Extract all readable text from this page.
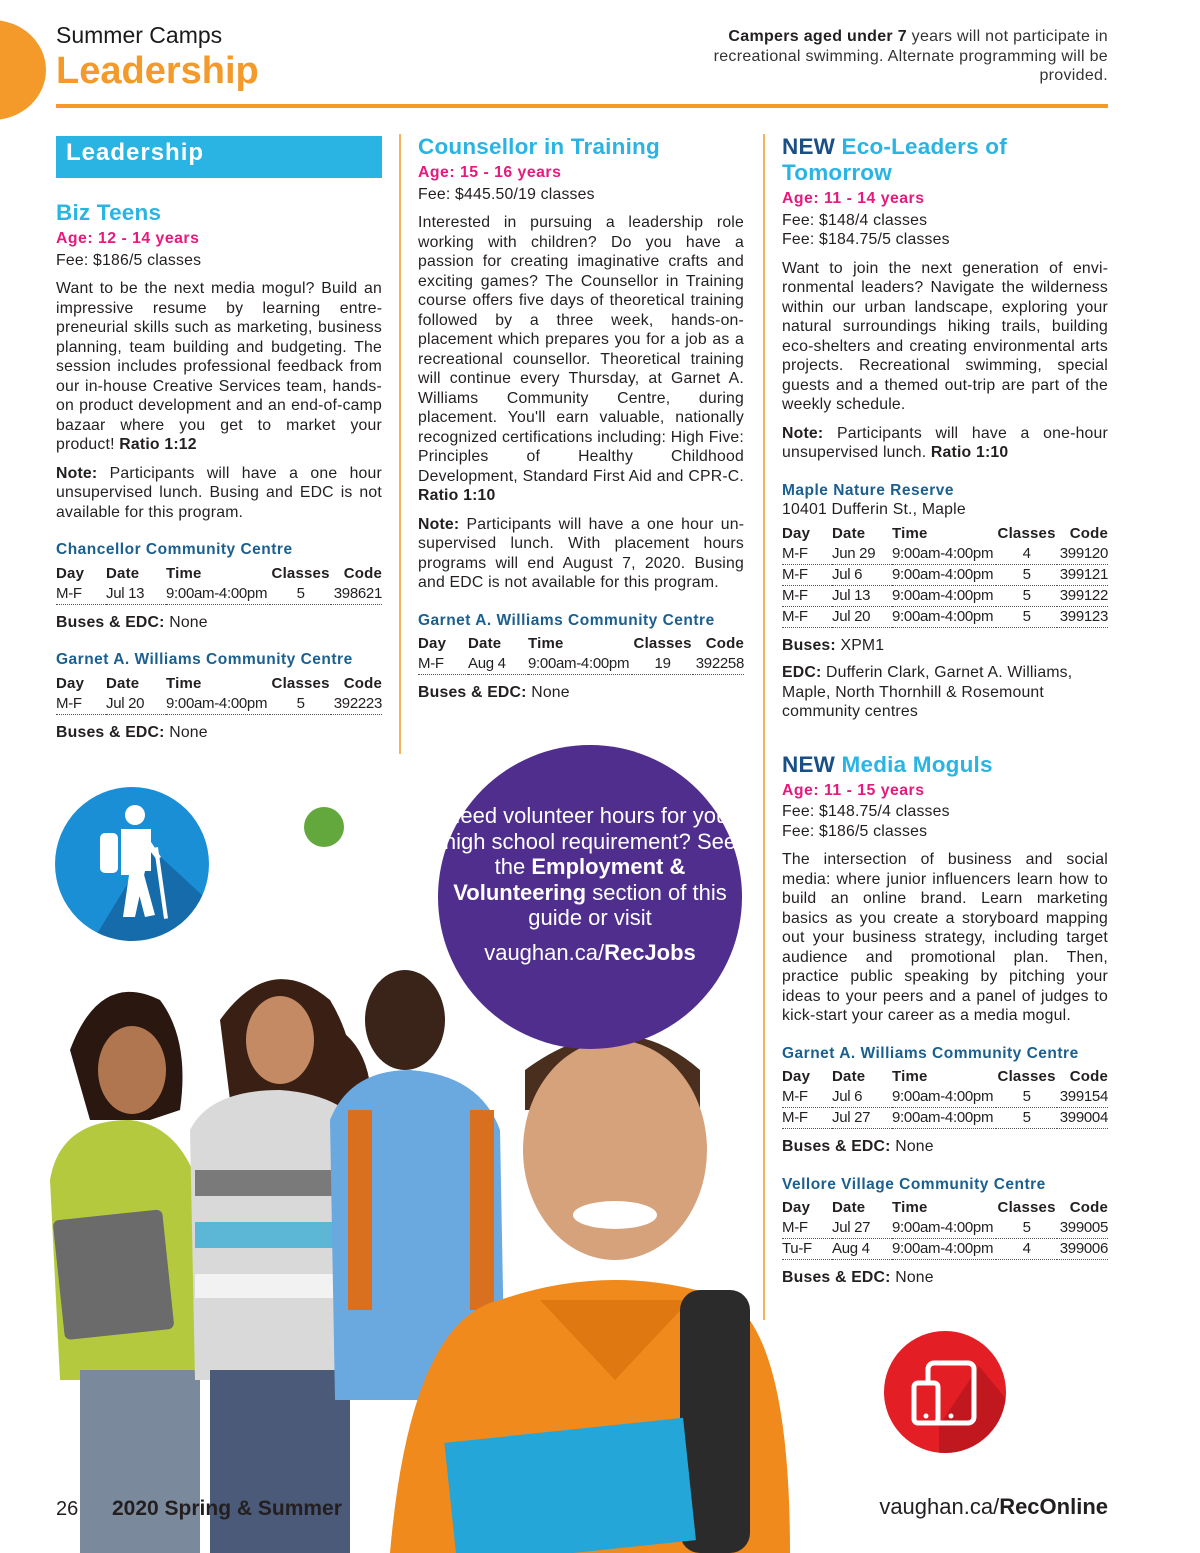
Summer Camps
Leadership
Campers aged under 7 years will not participate in recreational swimming. Alternate programming will be provided.
Leadership
Biz Teens
Age: 12 - 14 years
Fee: $186/5 classes
Want to be the next media mogul? Build an impressive resume by learning entrepreneurial skills such as marketing, business planning, team building and budgeting. The session includes professional feedback from our in-house Creative Services team, hands-on product development and an end-of-camp bazaar where you get to market your product! Ratio 1:12
Note: Participants will have a one hour unsupervised lunch. Busing and EDC is not available for this program.
Chancellor Community Centre
Day	Date	Time	Classes	Code
M-F	Jul 13	9:00am-4:00pm	5	398621
Buses & EDC: None
Garnet A. Williams Community Centre
Day	Date	Time	Classes	Code
M-F	Jul 20	9:00am-4:00pm	5	392223
Buses & EDC: None
Counsellor in Training
Age: 15 - 16 years
Fee: $445.50/19 classes
Interested in pursuing a leadership role working with children? Do you have a passion for creating imaginative crafts and exciting games? The Counsellor in Training course offers five days of theoretical training followed by a three week, hands-on-placement which prepares you for a job as a recreational counsellor. Theoretical training will continue every Thursday, at Garnet A. Williams Community Centre, during placement. You'll earn valuable, nationally recognized certifications including: High Five: Principles of Healthy Childhood Development, Standard First Aid and CPR-C. Ratio 1:10
Note: Participants will have a one hour unsupervised lunch. With placement hours programs will end August 7, 2020. Busing and EDC is not available for this program.
Garnet A. Williams Community Centre
Day	Date	Time	Classes	Code
M-F	Aug 4	9:00am-4:00pm	19	392258
Buses & EDC: None
NEW Eco-Leaders of Tomorrow
Age: 11 - 14 years
Fee: $148/4 classes
Fee: $184.75/5 classes
Want to join the next generation of environmental leaders? Navigate the wilderness within our urban landscape, exploring your natural surroundings hiking trails, building eco-shelters and creating environmental arts projects. Recreational swimming, special guests and a themed out-trip are part of the weekly schedule.
Note: Participants will have a one-hour unsupervised lunch. Ratio 1:10
Maple Nature Reserve
10401 Dufferin St., Maple
Day	Date	Time	Classes	Code
M-F	Jun 29	9:00am-4:00pm	4	399120
M-F	Jul 6	9:00am-4:00pm	5	399121
M-F	Jul 13	9:00am-4:00pm	5	399122
M-F	Jul 20	9:00am-4:00pm	5	399123
Buses: XPM1
EDC: Dufferin Clark, Garnet A. Williams, Maple, North Thornhill & Rosemount community centres
NEW Media Moguls
Age: 11 - 15 years
Fee: $148.75/4 classes
Fee: $186/5 classes
The intersection of business and social media: where junior influencers learn how to build an online brand. Learn marketing basics as you create a storyboard mapping out your business strategy, including target audience and promotional plan. Then, practice public speaking by pitching your ideas to your peers and a panel of judges to kick-start your career as a media mogul.
Garnet A. Williams Community Centre
Day	Date	Time	Classes	Code
M-F	Jul 6	9:00am-4:00pm	5	399154
M-F	Jul 27	9:00am-4:00pm	5	399004
Buses & EDC: None
Vellore Village Community Centre
Day	Date	Time	Classes	Code
M-F	Jul 27	9:00am-4:00pm	5	399005
Tu-F	Aug 4	9:00am-4:00pm	4	399006
Buses & EDC: None
Need volunteer hours for your high school requirement? See the Employment & Volunteering section of this guide or visit
vaughan.ca/RecJobs
26 2020 Spring & Summer	vaughan.ca/RecOnline
